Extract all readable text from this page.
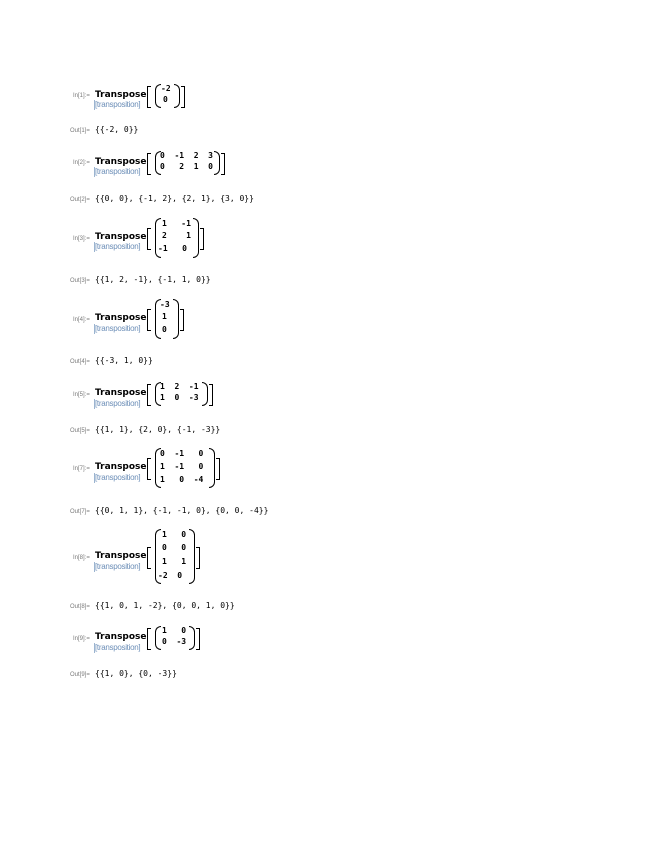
In[1]:= Transpose
[transposition]
-2
0
Out[1]= {{-2, 0}}
In[2]:= Transpose
[transposition]
0  -1  2  3
0   2  1  0
Out[2]= {{0, 0}, {-1, 2}, {2, 1}, {3, 0}}
In[3]:= Transpose
[transposition]
1   -1
2    1
-1   0
Out[3]= {{1, 2, -1}, {-1, 1, 0}}
In[4]:= Transpose
[transposition]
-3
1
0
Out[4]= {{-3, 1, 0}}
In[5]:= Transpose
[transposition]
1  2  -1
1  0  -3
Out[5]= {{1, 1}, {2, 0}, {-1, -3}}
In[7]:= Transpose
[transposition]
0  -1   0
1  -1   0
1   0  -4
Out[7]= {{0, 1, 1}, {-1, -1, 0}, {0, 0, -4}}
In[8]:= Transpose
[transposition]
1   0
0   0
1   1
-2  0
Out[8]= {{1, 0, 1, -2}, {0, 0, 1, 0}}
In[9]:= Transpose
[transposition]
1   0
0  -3
Out[9]= {{1, 0}, {0, -3}}
